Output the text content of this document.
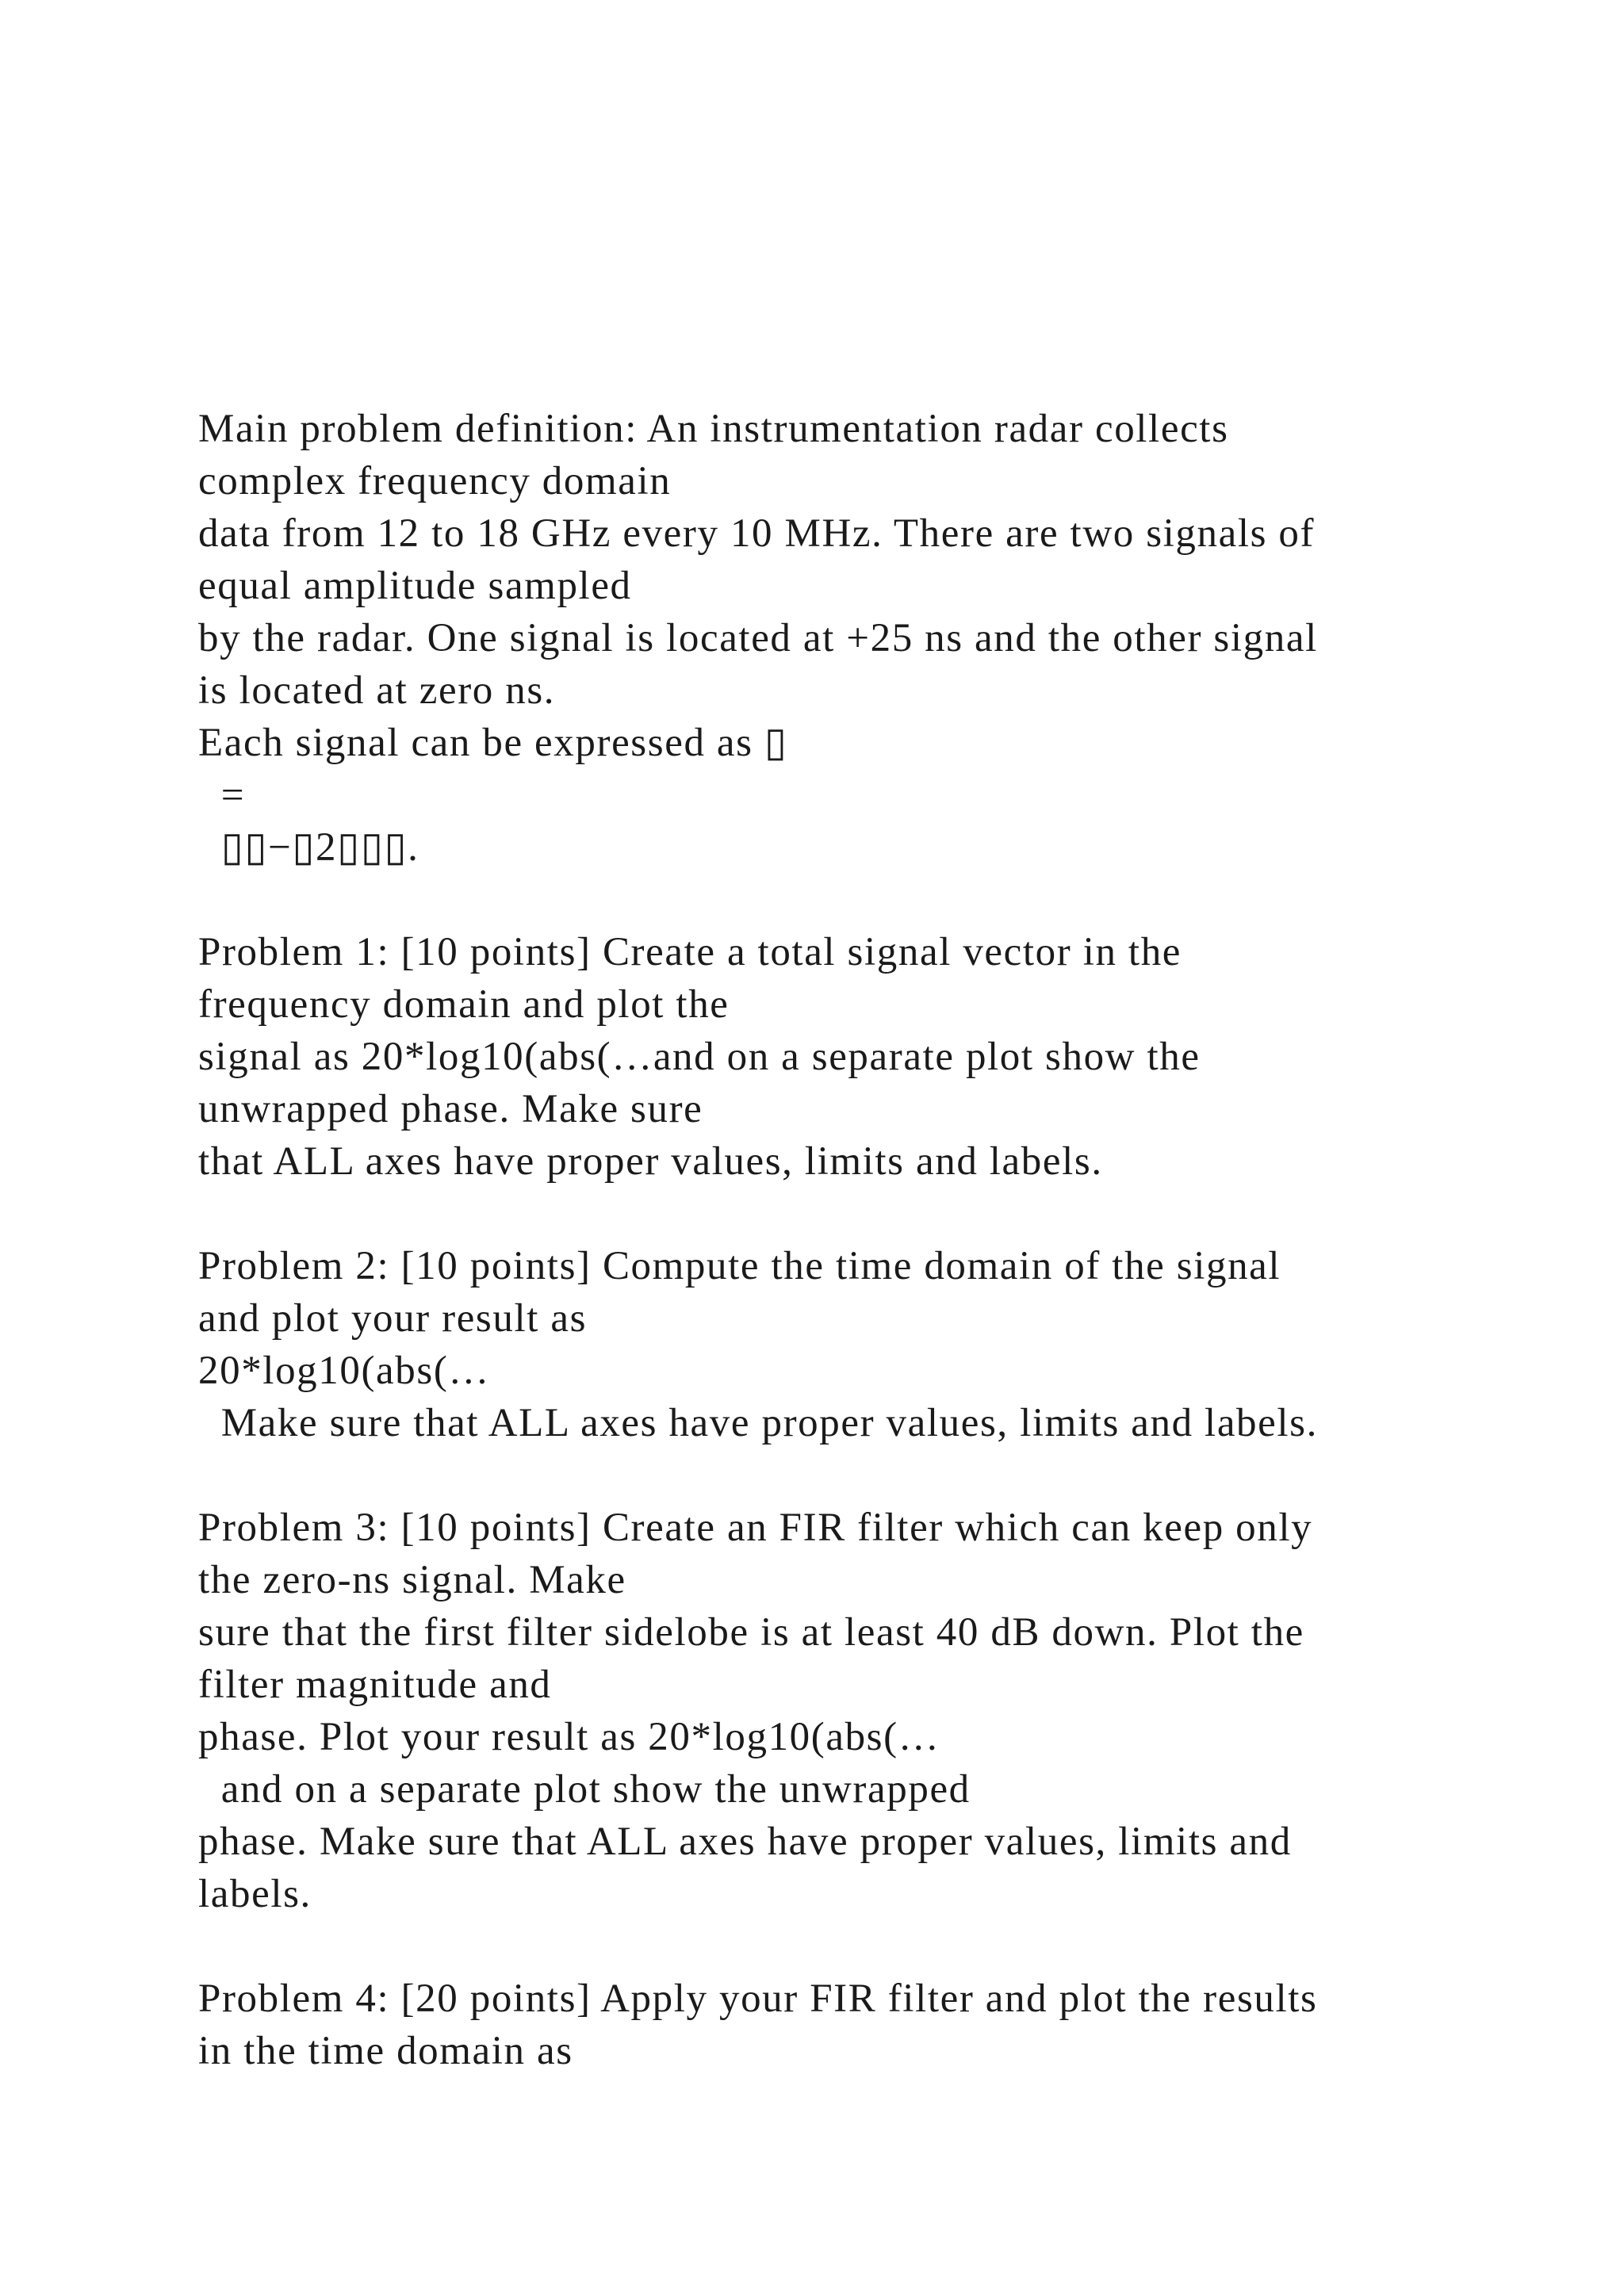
Main problem definition: An instrumentation radar collects
complex frequency domain
data from 12 to 18 GHz every 10 MHz. There are two signals of
equal amplitude sampled
by the radar. One signal is located at +25 ns and the other signal
is located at zero ns.
Each signal can be expressed as ▯
=
▯▯−▯2▯▯▯.
Problem 1: [10 points] Create a total signal vector in the
frequency domain and plot the
signal as 20*log10(abs(…and on a separate plot show the
unwrapped phase. Make sure
that ALL axes have proper values, limits and labels.
Problem 2: [10 points] Compute the time domain of the signal
and plot your result as
20*log10(abs(…
Make sure that ALL axes have proper values, limits and labels.
Problem 3: [10 points] Create an FIR filter which can keep only
the zero-ns signal. Make
sure that the first filter sidelobe is at least 40 dB down. Plot the
filter magnitude and
phase. Plot your result as 20*log10(abs(…
and on a separate plot show the unwrapped
phase. Make sure that ALL axes have proper values, limits and
labels.
Problem 4: [20 points] Apply your FIR filter and plot the results
in the time domain as
